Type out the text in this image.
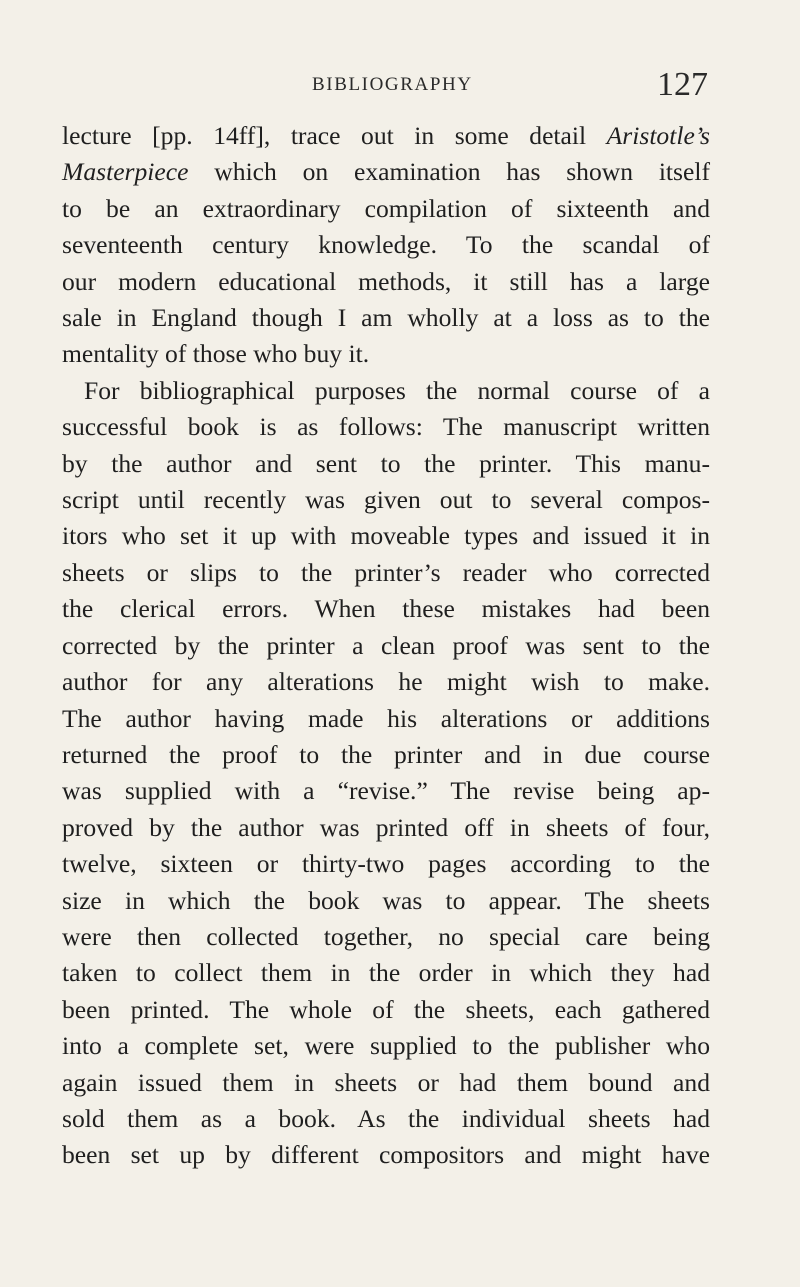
BIBLIOGRAPHY	127
lecture [pp. 14ff], trace out in some detail Aristotle’s
Masterpiece which on examination has shown itself
to be an extraordinary compilation of sixteenth and
seventeenth century knowledge. To the scandal of
our modern educational methods, it still has a large
sale in England though I am wholly at a loss as to the
mentality of those who buy it.
For bibliographical purposes the normal course of a
successful book is as follows: The manuscript written
by the author and sent to the printer. This manu-
script until recently was given out to several compos-
itors who set it up with moveable types and issued it in
sheets or slips to the printer’s reader who corrected
the clerical errors. When these mistakes had been
corrected by the printer a clean proof was sent to the
author for any alterations he might wish to make.
The author having made his alterations or additions
returned the proof to the printer and in due course
was supplied with a “revise.” The revise being ap-
proved by the author was printed off in sheets of four,
twelve, sixteen or thirty-two pages according to the
size in which the book was to appear. The sheets
were then collected together, no special care being
taken to collect them in the order in which they had
been printed. The whole of the sheets, each gathered
into a complete set, were supplied to the publisher who
again issued them in sheets or had them bound and
sold them as a book. As the individual sheets had
been set up by different compositors and might have
